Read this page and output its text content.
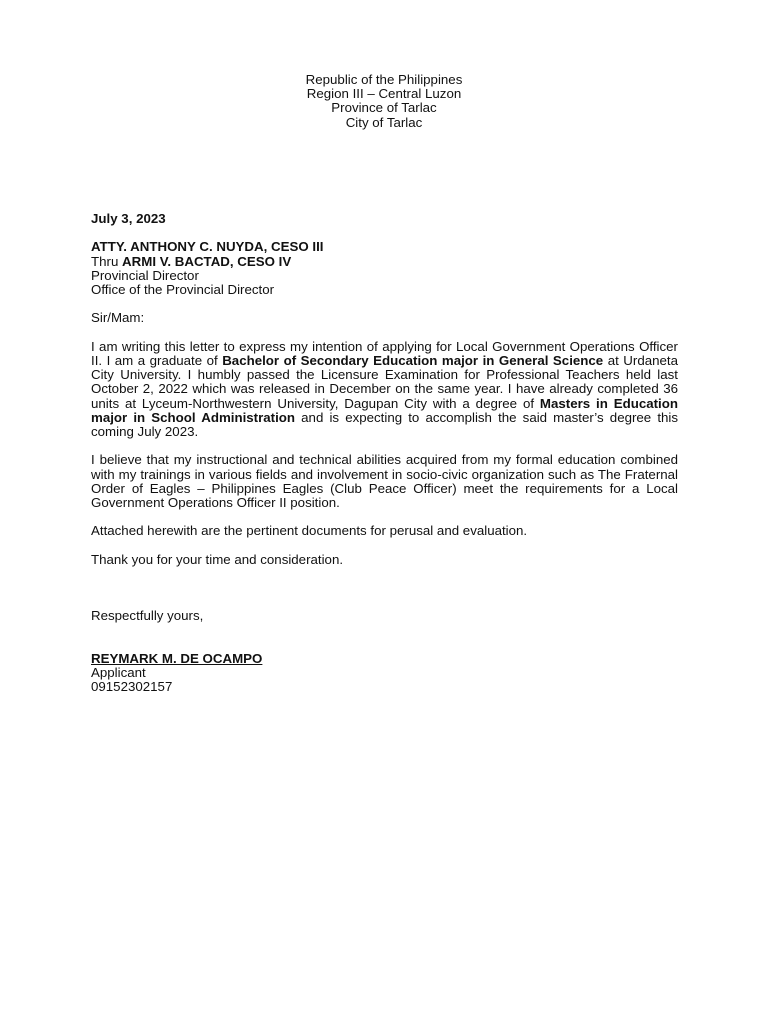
Republic of the Philippines
Region III – Central Luzon
Province of Tarlac
City of Tarlac
July 3, 2023
ATTY. ANTHONY C. NUYDA, CESO III
Thru ARMI V. BACTAD, CESO IV
Provincial Director
Office of the Provincial Director
Sir/Mam:

I am writing this letter to express my intention of applying for Local Government Operations Officer II. I am a graduate of Bachelor of Secondary Education major in General Science at Urdaneta City University. I humbly passed the Licensure Examination for Professional Teachers held last October 2, 2022 which was released in December on the same year. I have already completed 36 units at Lyceum-Northwestern University, Dagupan City with a degree of Masters in Education major in School Administration and is expecting to accomplish the said master’s degree this coming July 2023.

I believe that my instructional and technical abilities acquired from my formal education combined with my trainings in various fields and involvement in socio-civic organization such as The Fraternal Order of Eagles – Philippines Eagles (Club Peace Officer) meet the requirements for a Local Government Operations Officer II position.

Attached herewith are the pertinent documents for perusal and evaluation.
Thank you for your time and consideration.
Respectfully yours,
REYMARK M. DE OCAMPO
Applicant
09152302157
